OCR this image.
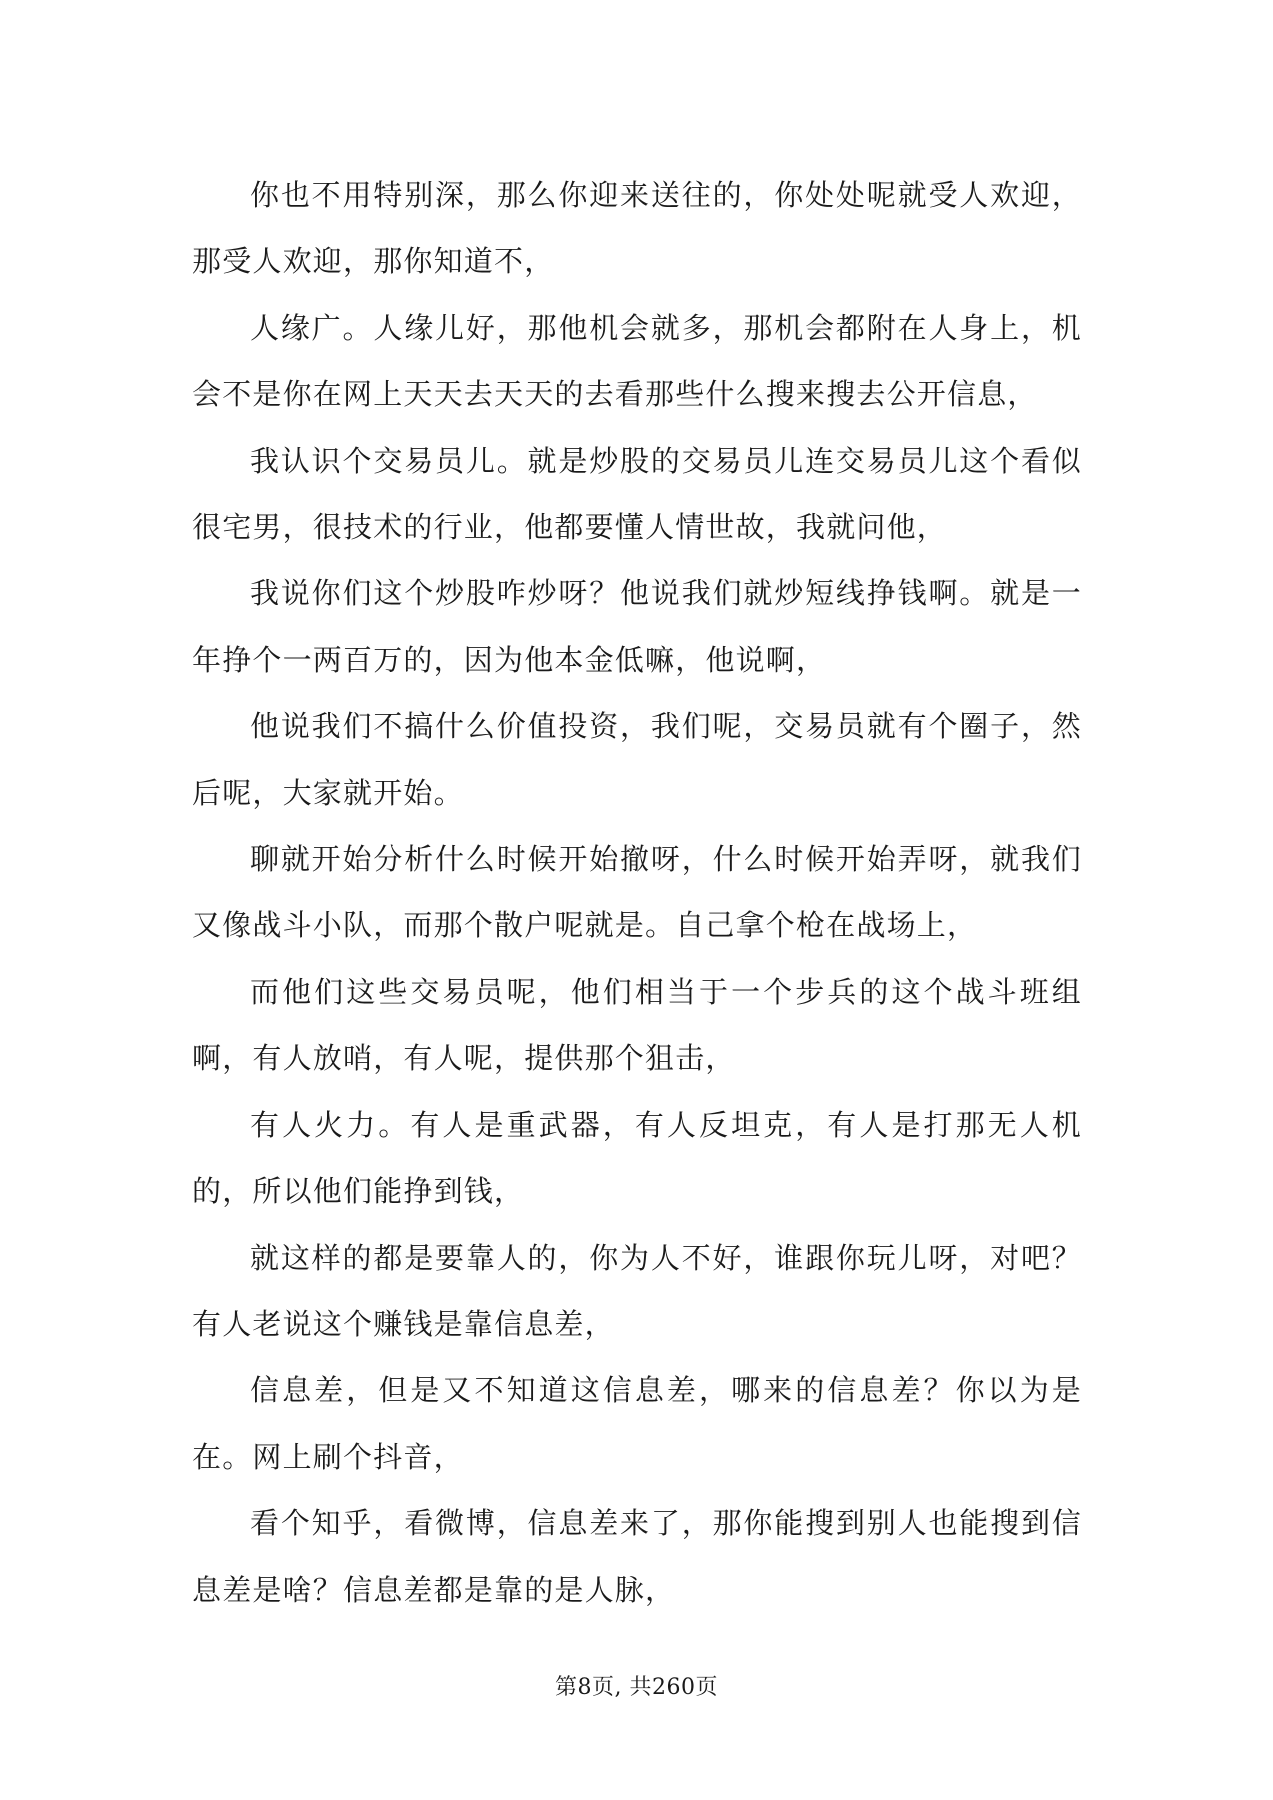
你也不用特别深，那么你迎来送往的，你处处呢就受人欢迎，那受人欢迎，那你知道不，

人缘广。人缘儿好，那他机会就多，那机会都附在人身上，机会不是你在网上天天去天天的去看那些什么搜来搜去公开信息，

我认识个交易员儿。就是炒股的交易员儿连交易员儿这个看似很宅男，很技术的行业，他都要懂人情世故，我就问他，

我说你们这个炒股咋炒呀？他说我们就炒短线挣钱啊。就是一年挣个一两百万的，因为他本金低嘛，他说啊，

他说我们不搞什么价值投资，我们呢，交易员就有个圈子，然后呢，大家就开始。

聊就开始分析什么时候开始撤呀，什么时候开始弄呀，就我们又像战斗小队，而那个散户呢就是。自己拿个枪在战场上，

而他们这些交易员呢，他们相当于一个步兵的这个战斗班组啊，有人放哨，有人呢，提供那个狙击，

有人火力。有人是重武器，有人反坦克，有人是打那无人机的，所以他们能挣到钱，

就这样的都是要靠人的，你为人不好，谁跟你玩儿呀，对吧？有人老说这个赚钱是靠信息差，

信息差，但是又不知道这信息差，哪来的信息差？你以为是在。网上刷个抖音，

看个知乎，看微博，信息差来了，那你能搜到别人也能搜到信息差是啥？信息差都是靠的是人脉，

第8页, 共260页
